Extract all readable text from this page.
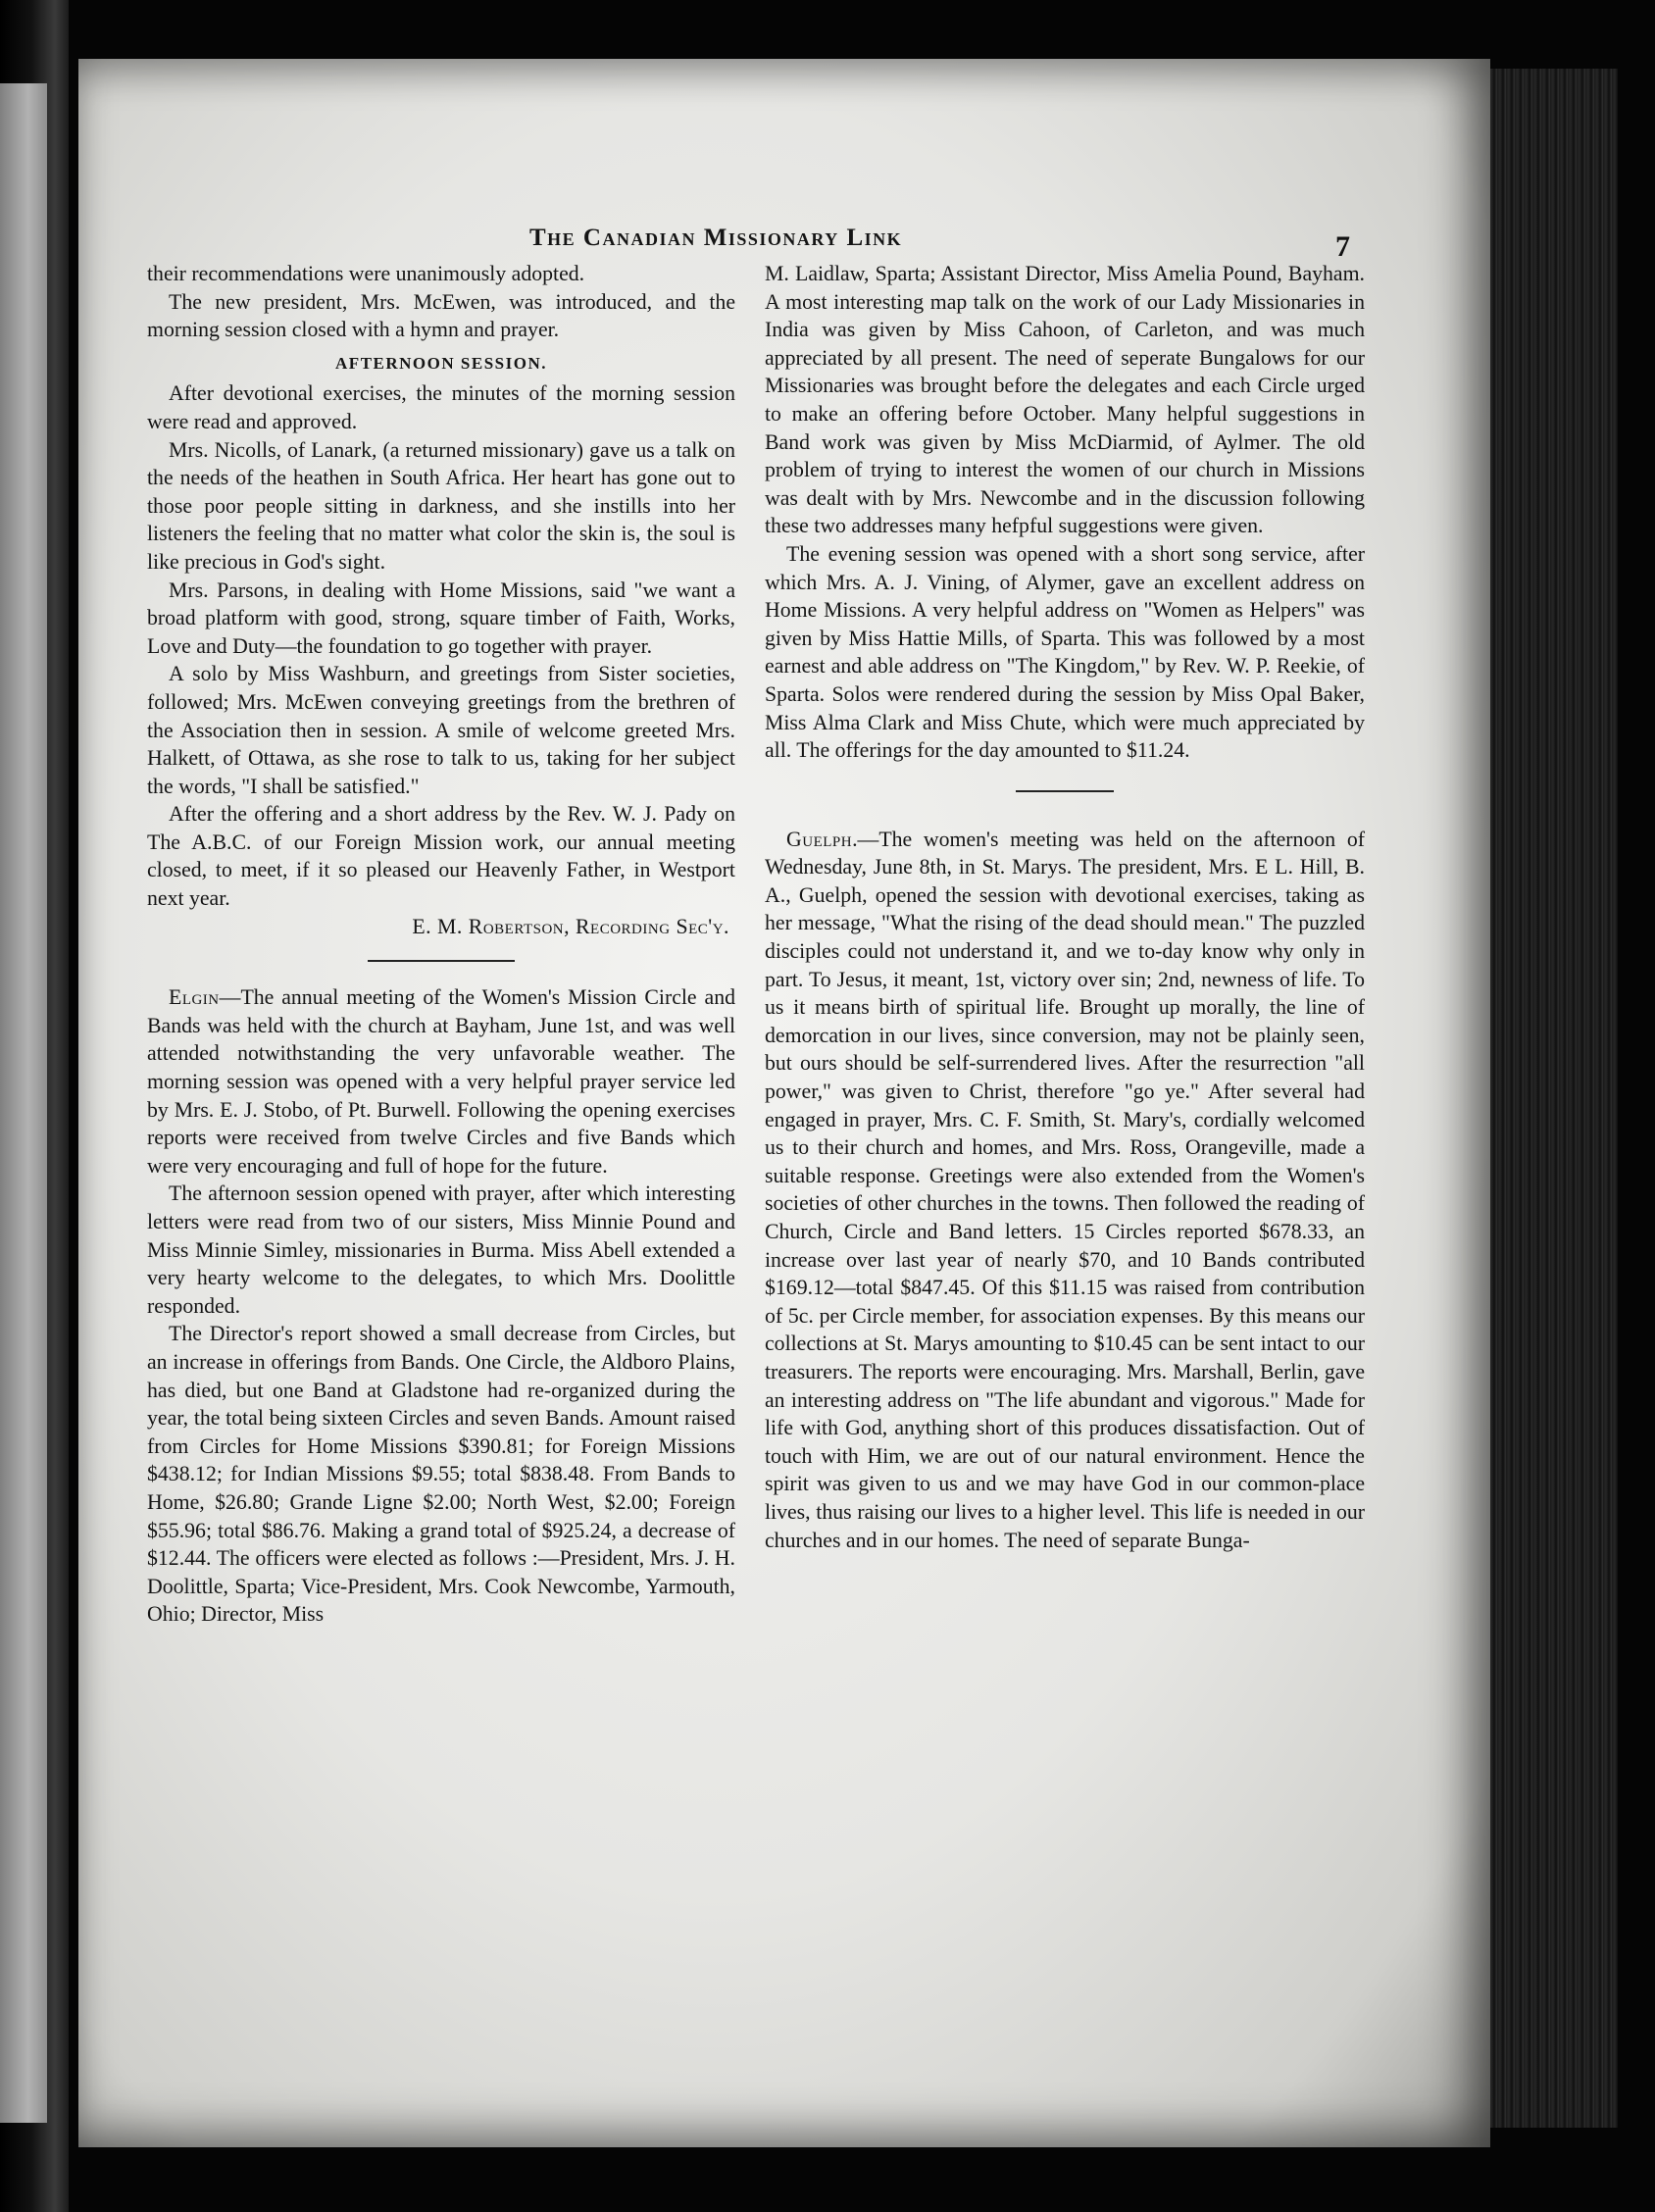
The Canadian Missionary Link	7

their recommendations were unanimously adopted.

The new president, Mrs. McEwen, was introduced, and the morning session closed with a hymn and prayer.

AFTERNOON SESSION.

After devotional exercises, the minutes of the morning session were read and approved.

Mrs. Nicolls, of Lanark, (a returned missionary) gave us a talk on the needs of the heathen in South Africa. Her heart has gone out to those poor people sitting in darkness, and she instills into her listeners the feeling that no matter what color the skin is, the soul is like precious in God's sight.

Mrs. Parsons, in dealing with Home Missions, said "we want a broad platform with good, strong, square timber of Faith, Works, Love and Duty—the foundation to go together with prayer.

A solo by Miss Washburn, and greetings from Sister societies, followed; Mrs. McEwen conveying greetings from the brethren of the Association then in session. A smile of welcome greeted Mrs. Halkett, of Ottawa, as she rose to talk to us, taking for her subject the words, "I shall be satisfied."

After the offering and a short address by the Rev. W. J. Pady on The A.B.C. of our Foreign Mission work, our annual meeting closed, to meet, if it so pleased our Heavenly Father, in Westport next year.

E. M. Robertson, Recording Sec'y.

Elgin—The annual meeting of the Women's Mission Circle and Bands was held with the church at Bayham, June 1st, and was well attended notwithstanding the very unfavorable weather. The morning session was opened with a very helpful prayer service led by Mrs. E. J. Stobo, of Pt. Burwell. Following the opening exercises reports were received from twelve Circles and five Bands which were very encouraging and full of hope for the future.

The afternoon session opened with prayer, after which interesting letters were read from two of our sisters, Miss Minnie Pound and Miss Minnie Simley, missionaries in Burma. Miss Abell extended a very hearty welcome to the delegates, to which Mrs. Doolittle responded.

The Director's report showed a small decrease from Circles, but an increase in offerings from Bands. One Circle, the Aldboro Plains, has died, but one Band at Gladstone had re-organized during the year, the total being sixteen Circles and seven Bands. Amount raised from Circles for Home Missions $390.81; for Foreign Missions $438.12; for Indian Missions $9.55; total $838.48. From Bands to Home, $26.80; Grande Ligne $2.00; North West, $2.00; Foreign $55.96; total $86.76. Making a grand total of $925.24, a decrease of $12.44. The officers were elected as follows :—President, Mrs. J. H. Doolittle, Sparta; Vice-President, Mrs. Cook Newcombe, Yarmouth, Ohio; Director, Miss

M. Laidlaw, Sparta; Assistant Director, Miss Amelia Pound, Bayham. A most interesting map talk on the work of our Lady Missionaries in India was given by Miss Cahoon, of Carleton, and was much appreciated by all present. The need of seperate Bungalows for our Missionaries was brought before the delegates and each Circle urged to make an offering before October. Many helpful suggestions in Band work was given by Miss McDiarmid, of Aylmer. The old problem of trying to interest the women of our church in Missions was dealt with by Mrs. Newcombe and in the discussion following these two addresses many hefpful suggestions were given.

The evening session was opened with a short song service, after which Mrs. A. J. Vining, of Alymer, gave an excellent address on Home Missions. A very helpful address on "Women as Helpers" was given by Miss Hattie Mills, of Sparta. This was followed by a most earnest and able address on "The Kingdom," by Rev. W. P. Reekie, of Sparta. Solos were rendered during the session by Miss Opal Baker, Miss Alma Clark and Miss Chute, which were much appreciated by all. The offerings for the day amounted to $11.24.

Guelph.—The women's meeting was held on the afternoon of Wednesday, June 8th, in St. Marys. The president, Mrs. E L. Hill, B. A., Guelph, opened the session with devotional exercises, taking as her message, "What the rising of the dead should mean." The puzzled disciples could not understand it, and we to-day know why only in part. To Jesus, it meant, 1st, victory over sin; 2nd, newness of life. To us it means birth of spiritual life. Brought up morally, the line of demorcation in our lives, since conversion, may not be plainly seen, but ours should be self-surrendered lives. After the resurrection "all power," was given to Christ, therefore "go ye." After several had engaged in prayer, Mrs. C. F. Smith, St. Mary's, cordially welcomed us to their church and homes, and Mrs. Ross, Orangeville, made a suitable response. Greetings were also extended from the Women's societies of other churches in the towns. Then followed the reading of Church, Circle and Band letters. 15 Circles reported $678.33, an increase over last year of nearly $70, and 10 Bands contributed $169.12—total $847.45. Of this $11.15 was raised from contribution of 5c. per Circle member, for association expenses. By this means our collections at St. Marys amounting to $10.45 can be sent intact to our treasurers. The reports were encouraging. Mrs. Marshall, Berlin, gave an interesting address on "The life abundant and vigorous." Made for life with God, anything short of this produces dissatisfaction. Out of touch with Him, we are out of our natural environment. Hence the spirit was given to us and we may have God in our common-place lives, thus raising our lives to a higher level. This life is needed in our churches and in our homes. The need of separate Bunga-
